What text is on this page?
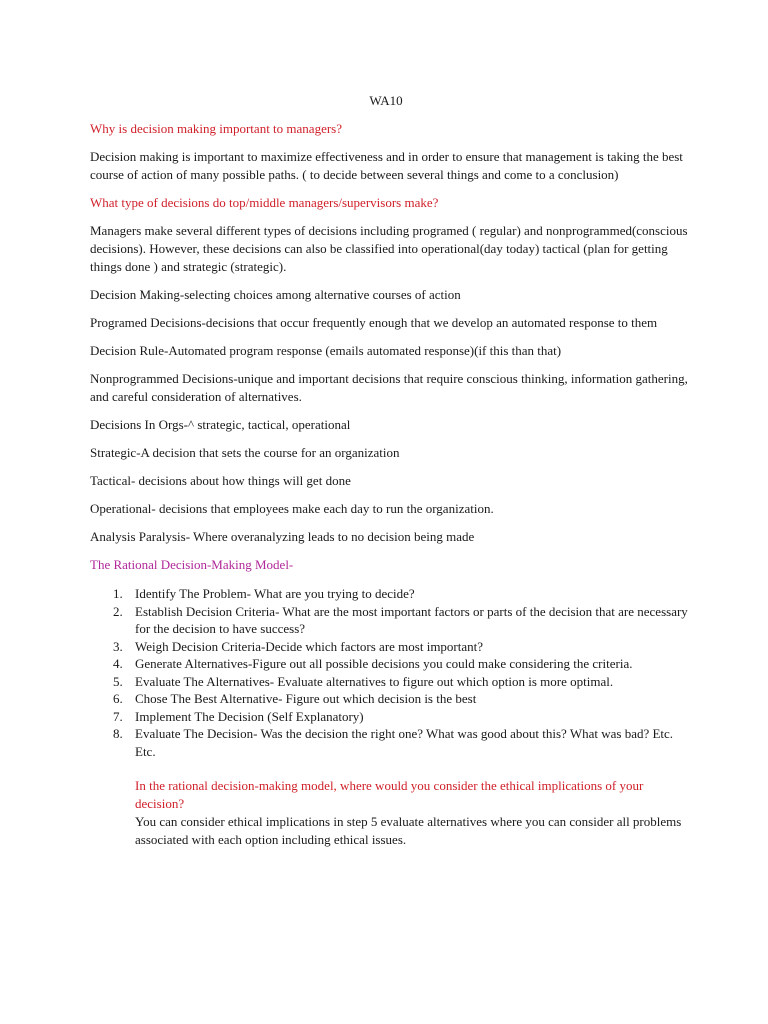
WA10
Why is decision making important to managers?
Decision making is important to maximize effectiveness and in order to ensure that management is taking the best course of action of many possible paths. ( to decide between several things and come to a conclusion)
What type of decisions do top/middle managers/supervisors make?
Managers make several different types of decisions including programed ( regular) and nonprogrammed(conscious decisions). However, these decisions can also be classified into operational(day today) tactical (plan for getting things done ) and strategic (strategic).
Decision Making-selecting choices among alternative courses of action
Programed Decisions-decisions that occur frequently enough that we develop an automated response to them
Decision Rule-Automated program response (emails automated response)(if this than that)
Nonprogrammed Decisions-unique and important decisions that require conscious thinking, information gathering, and careful consideration of alternatives.
Decisions In Orgs-^ strategic, tactical, operational
Strategic-A decision that sets the course for an organization
Tactical- decisions about how things will get done
Operational- decisions that employees make each day to run the organization.
Analysis Paralysis- Where overanalyzing leads to no decision being made
The Rational Decision-Making Model-
1. Identify The Problem- What are you trying to decide?
2. Establish Decision Criteria- What are the most important factors or parts of the decision that are necessary for the decision to have success?
3. Weigh Decision Criteria-Decide which factors are most important?
4. Generate Alternatives-Figure out all possible decisions you could make considering the criteria.
5. Evaluate The Alternatives- Evaluate alternatives to figure out which option is more optimal.
6. Chose The Best Alternative- Figure out which decision is the best
7. Implement The Decision (Self Explanatory)
8. Evaluate The Decision- Was the decision the right one? What was good about this? What was bad? Etc. Etc.
In the rational decision-making model, where would you consider the ethical implications of your decision?
You can consider ethical implications in step 5 evaluate alternatives where you can consider all problems associated with each option including ethical issues.
